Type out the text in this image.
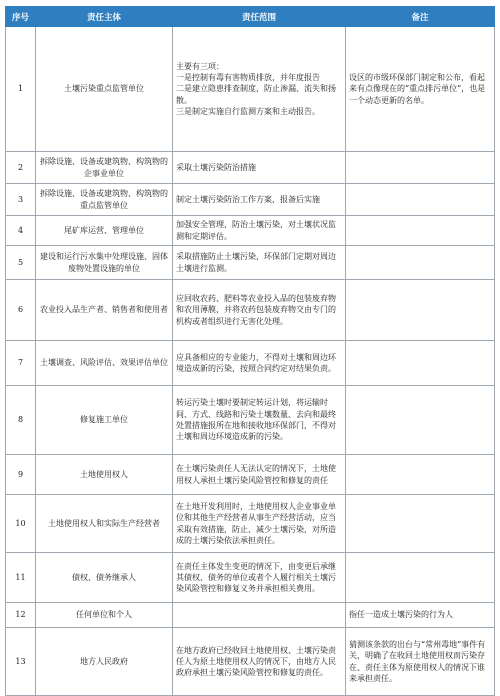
序号	责任主体	责任范围	备注
1	土壤污染重点监管单位	主要有三项：
一是控制有毒有害物质排放，并年度报告
二是建立隐患排查制度，防止渗漏、流失和扬散。
三是制定实施自行监测方案和主动报告。	设区的市级环保部门制定和公布，看起来有点像现在的“重点排污单位”，也是一个动态更新的名单。
2	拆除设施、设备或建筑物、构筑物的企事业单位	采取土壤污染防治措施	

3	拆除设施、设备或建筑物、构筑物的重点监管单位	制定土壤污染防治工作方案，报备后实施	

4	尾矿库运营、管理单位	加强安全管理，防治土壤污染，对土壤状况监测和定期评估。	

5	建设和运行污水集中处理设施、固体废物处置设施的单位	采取措施防止土壤污染，环保部门定期对周边土壤进行监测。	

6	农业投入品生产者、销售者和使用者	应回收农药、肥料等农业投入品的包装废弃物和农用薄膜，并将农药包装废弃物交由专门的机构或者组织进行无害化处理。	

7	土壤调查、风险评估、效果评估单位	应具备相应的专业能力，不得对土壤和周边环境造成新的污染，按照合同约定对结果负责。	

8	修复施工单位	转运污染土壤时要制定转运计划，将运输时间、方式、线路和污染土壤数量、去向和最终处置措施报所在地和接收地环保部门，不得对土壤和周边环境造成新的污染。	

9	土地使用权人	在土壤污染责任人无法认定的情况下，土地使用权人承担土壤污染风险管控和修复的责任	

10	土地使用权人和实际生产经营者	在土地开发利用时，土地使用权人企业事业单位和其他生产经营者从事生产经营活动，应当采取有效措施，防止、减少土壤污染，对所造成的土壤污染依法承担责任。	

11	债权、债务继承人	在责任主体发生变更的情况下，由变更后承继其债权、债务的单位或者个人履行相关土壤污染风险管控和修复义务并承担相关费用。	

12	任何单位和个人		指任一造成土壤污染的行为人
13	地方人民政府	在地方政府已经收回土地使用权、土壤污染责任人为原土地使用权人的情况下，由地方人民政府承担土壤污染风险管控和修复的责任。	猜测该条款的出台与“常州毒地”事件有关，明确了在收回土地使用权而污染存在、责任主体为原使用权人的情况下谁来承担责任。
